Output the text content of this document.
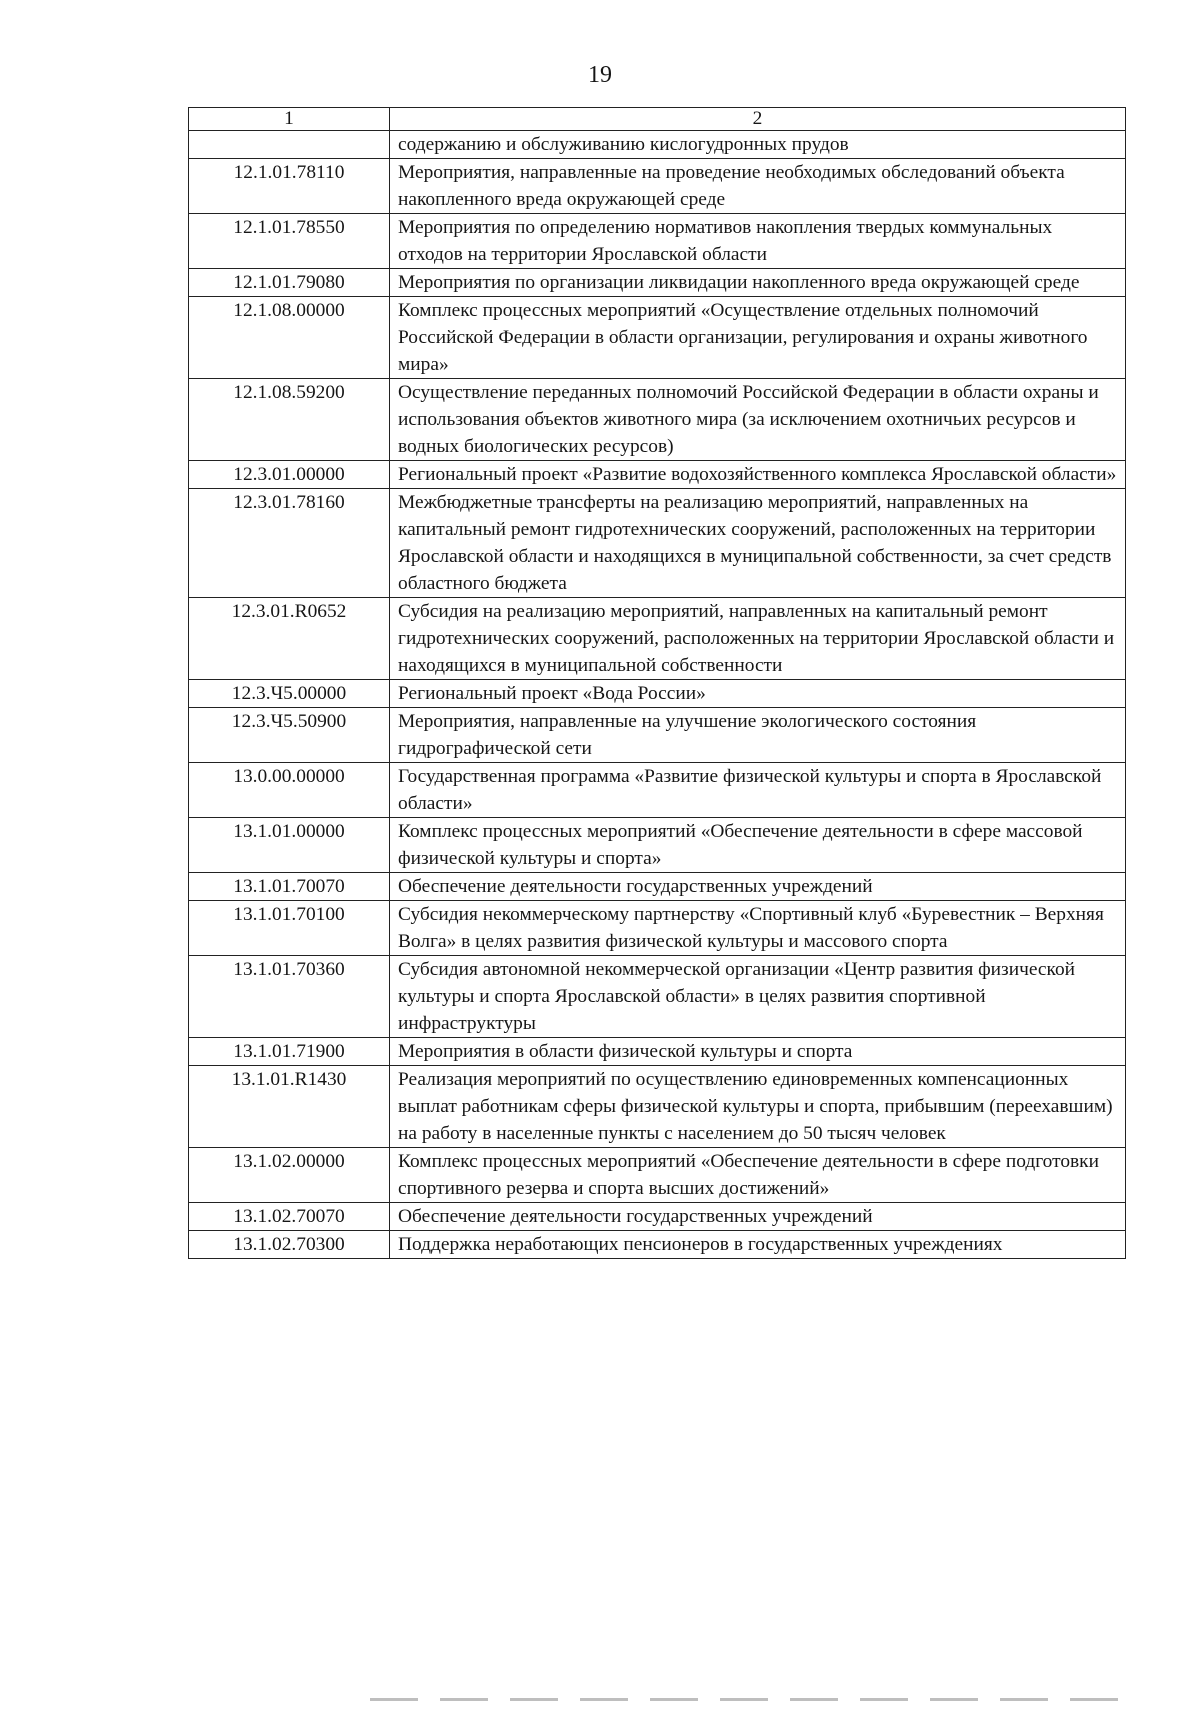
19
1	2
	содержанию и обслуживанию кислогудронных прудов
12.1.01.78110	Мероприятия, направленные на проведение необходимых обследований объекта накопленного вреда окружающей среде
12.1.01.78550	Мероприятия по определению нормативов накопления твердых коммунальных отходов на территории Ярославской области
12.1.01.79080	Мероприятия по организации ликвидации накопленного вреда окружающей среде
12.1.08.00000	Комплекс процессных мероприятий «Осуществление отдельных полномочий Российской Федерации в области организации, регулирования и охраны животного мира»
12.1.08.59200	Осуществление переданных полномочий Российской Федерации в области охраны и использования объектов животного мира (за исключением охотничьих ресурсов и водных биологических ресурсов)
12.3.01.00000	Региональный проект «Развитие водохозяйственного комплекса Ярославской области»
12.3.01.78160	Межбюджетные трансферты на реализацию мероприятий, направленных на капитальный ремонт гидротехнических сооружений, расположенных на территории Ярославской области и находящихся в муниципальной собственности, за счет средств областного бюджета
12.3.01.R0652	Субсидия на реализацию мероприятий, направленных на капитальный ремонт гидротехнических сооружений, расположенных на территории Ярославской области и находящихся в муниципальной собственности
12.3.Ч5.00000	Региональный проект «Вода России»
12.3.Ч5.50900	Мероприятия, направленные на улучшение экологического состояния гидрографической сети
13.0.00.00000	Государственная программа «Развитие физической культуры и спорта в Ярославской области»
13.1.01.00000	Комплекс процессных мероприятий «Обеспечение деятельности в сфере массовой физической культуры и спорта»
13.1.01.70070	Обеспечение деятельности государственных учреждений
13.1.01.70100	Субсидия некоммерческому партнерству «Спортивный клуб «Буревестник – Верхняя Волга» в целях развития физической культуры и массового спорта
13.1.01.70360	Субсидия автономной некоммерческой организации «Центр развития физической культуры и спорта Ярославской области» в целях развития спортивной инфраструктуры
13.1.01.71900	Мероприятия в области физической культуры и спорта
13.1.01.R1430	Реализация мероприятий по осуществлению единовременных компенсационных выплат работникам сферы физической культуры и спорта, прибывшим (переехавшим) на работу в населенные пункты с населением до 50 тысяч человек
13.1.02.00000	Комплекс процессных мероприятий «Обеспечение деятельности в сфере подготовки спортивного резерва и спорта высших достижений»
13.1.02.70070	Обеспечение деятельности государственных учреждений
13.1.02.70300	Поддержка неработающих пенсионеров в государственных учреждениях
